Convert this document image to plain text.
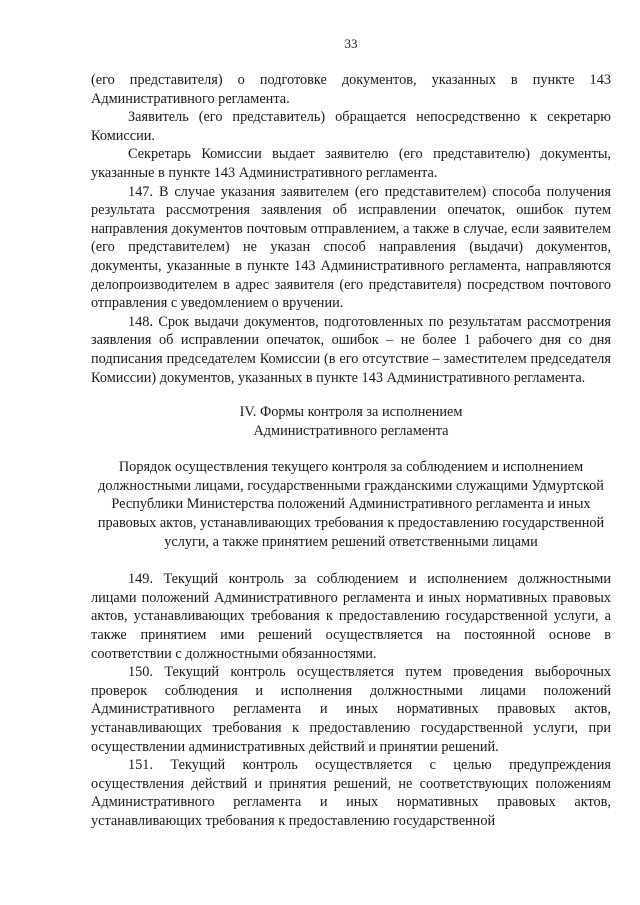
33

(его представителя) о подготовке документов, указанных в пункте 143 Административного регламента.

Заявитель (его представитель) обращается непосредственно к секретарю Комиссии.

Секретарь Комиссии выдает заявителю (его представителю) документы, указанные в пункте 143 Административного регламента.

147. В случае указания заявителем (его представителем) способа получения результата рассмотрения заявления об исправлении опечаток, ошибок путем направления документов почтовым отправлением, а также в случае, если заявителем (его представителем) не указан способ направления (выдачи) документов, документы, указанные в пункте 143 Административного регламента, направляются делопроизводителем в адрес заявителя (его представителя) посредством почтового отправления с уведомлением о вручении.

148. Срок выдачи документов, подготовленных по результатам рассмотрения заявления об исправлении опечаток, ошибок – не более 1 рабочего дня со дня подписания председателем Комиссии (в его отсутствие – заместителем председателя Комиссии) документов, указанных в пункте 143 Административного регламента.

IV. Формы контроля за исполнением

Административного регламента

Порядок осуществления текущего контроля за соблюдением и исполнением должностными лицами, государственными гражданскими служащими Удмуртской Республики Министерства положений Административного регламента и иных правовых актов, устанавливающих требования к предоставлению государственной услуги, а также принятием решений ответственными лицами

149. Текущий контроль за соблюдением и исполнением должностными лицами положений Административного регламента и иных нормативных правовых актов, устанавливающих требования к предоставлению государственной услуги, а также принятием ими решений осуществляется на постоянной основе в соответствии с должностными обязанностями.

150. Текущий контроль осуществляется путем проведения выборочных проверок соблюдения и исполнения должностными лицами положений Административного регламента и иных нормативных правовых актов, устанавливающих требования к предоставлению государственной услуги, при осуществлении административных действий и принятии решений.

151. Текущий контроль осуществляется с целью предупреждения осуществления действий и принятия решений, не соответствующих положениям Административного регламента и иных нормативных правовых актов, устанавливающих требования к предоставлению государственной
